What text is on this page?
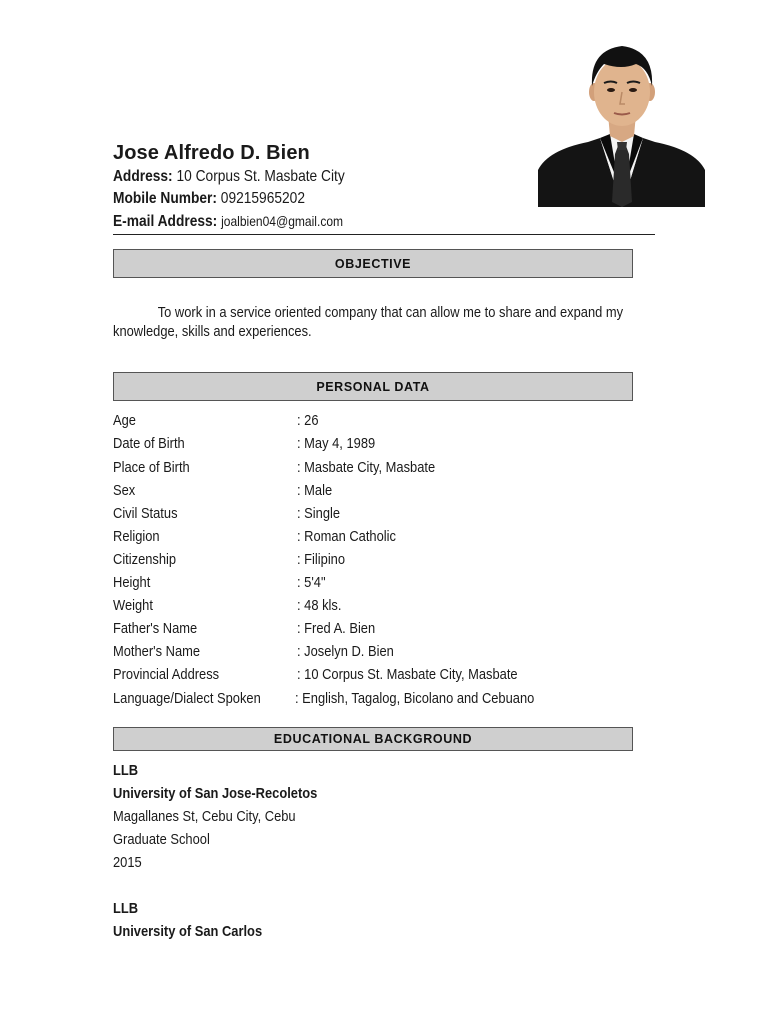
Jose Alfredo D. Bien
Address: 10 Corpus St. Masbate City
Mobile Number: 09215965202
E-mail Address: joalbien04@gmail.com
OBJECTIVE
To work in a service oriented company that can allow me to share and expand my knowledge, skills and experiences.
PERSONAL DATA
Age	: 26
Date of Birth	: May 4, 1989
Place of Birth	: Masbate City, Masbate
Sex	: Male
Civil Status	: Single
Religion	: Roman Catholic
Citizenship	: Filipino
Height	: 5'4"
Weight	: 48 kls.
Father's Name	: Fred A. Bien
Mother's Name	: Joselyn D. Bien
Provincial Address	: 10 Corpus St. Masbate City, Masbate
Language/Dialect Spoken : English, Tagalog, Bicolano and Cebuano
EDUCATIONAL BACKGROUND
LLB
University of San Jose-Recoletos
Magallanes St, Cebu City, Cebu
Graduate School
2015
LLB
University of San Carlos
